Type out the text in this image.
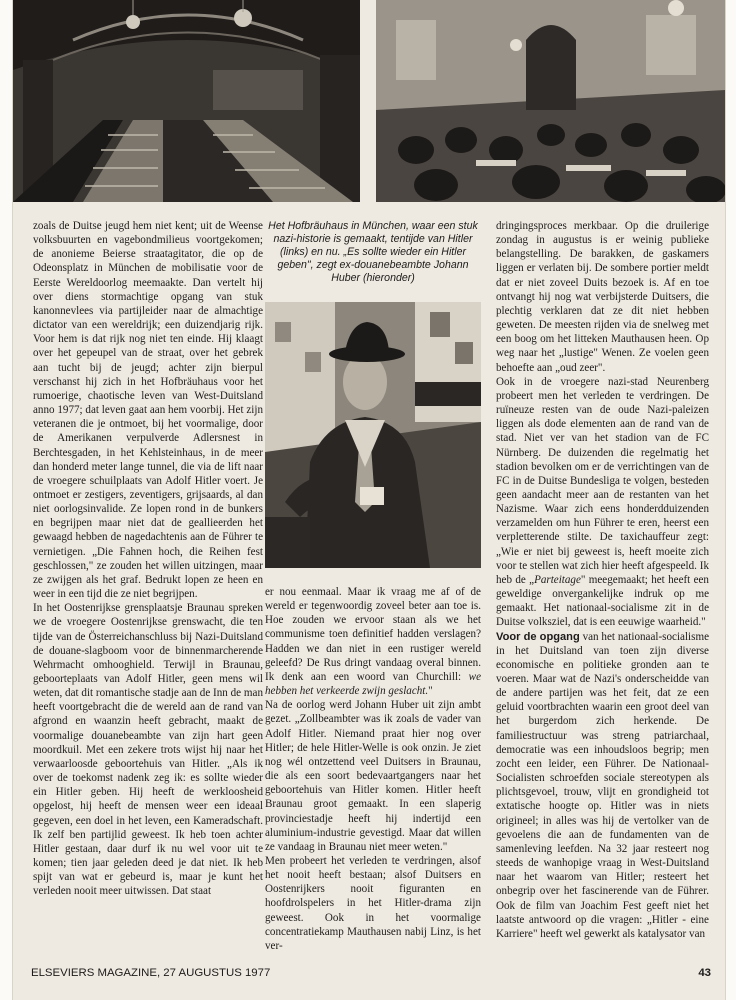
Het Hofbräuhaus in München, waar een stuk nazi-historie is gemaakt, tentijde van Hitler (links) en nu. „Es sollte wieder ein Hitler geben", zegt ex-douanebeambte Johann Huber (hieronder)

zoals de Duitse jeugd hem niet kent; uit de Weense volksbuurten en vagebondmilieus voortgekomen; de anonieme Beierse straatagitator, die op de Odeonsplatz in München de mobilisatie voor de Eerste Wereldoorlog meemaakte. Dan vertelt hij over diens stormachtige opgang van stuk kanonnevlees via partijleider naar de almachtige dictator van een wereldrijk; een duizendjarig rijk. Voor hem is dat rijk nog niet ten einde. Hij klaagt over het gepeupel van de straat, over het gebrek aan tucht bij de jeugd; achter zijn bierpul verschanst hij zich in het Hofbräuhaus voor het rumoerige, chaotische leven van West-Duitsland anno 1977; dat leven gaat aan hem voorbij. Het zijn veteranen die je ontmoet, bij het voormalige, door de Amerikanen verpulverde Adlersnest in Berchtesgaden, in het Kehlsteinhaus, in de meer dan honderd meter lange tunnel, die via de lift naar de vroegere schuilplaats van Adolf Hitler voert. Je ontmoet er zestigers, zeventigers, grijsaards, al dan niet oorlogsinvalide. Ze lopen rond in de bunkers en begrijpen maar niet dat de geallieerden het gewaagd hebben de nagedachtenis aan de Führer te vernietigen. „Die Fahnen hoch, die Reihen fest geschlossen," ze zouden het willen uitzingen, maar ze zwijgen als het graf. Bedrukt lopen ze heen en weer in een tijd die ze niet begrijpen.

In het Oostenrijkse grensplaatsje Braunau spreken we de vroegere Oostenrijkse grenswacht, die ten tijde van de Österreichanschluss bij Nazi-Duitsland de douane-slagboom voor de binnenmarcherende Wehrmacht omhooghield. Terwijl in Braunau, geboorteplaats van Adolf Hitler, geen mens wil weten, dat dit romantische stadje aan de Inn de man heeft voortgebracht die de wereld aan de rand van afgrond en waanzin heeft gebracht, maakt de voormalige douanebeambte van zijn hart geen moordkuil. Met een zekere trots wijst hij naar het verwaarloosde geboortehuis van Hitler. „Als ik over de toekomst nadenk zeg ik: es sollte wieder ein Hitler geben. Hij heeft de werkloosheid opgelost, hij heeft de mensen weer een ideaal gegeven, een doel in het leven, een Kameradschaft. Ik zelf ben partijlid geweest. Ik heb toen achter Hitler gestaan, daar durf ik nu wel voor uit te komen; tien jaar geleden deed je dat niet. Ik heb spijt van wat er gebeurd is, maar je kunt het verleden nooit meer uitwissen. Dat staat

er nou eenmaal. Maar ik vraag me af of de wereld er tegenwoordig zoveel beter aan toe is. Hoe zouden we ervoor staan als we het communisme toen definitief hadden verslagen? Hadden we dan niet in een rustiger wereld geleefd? De Rus dringt vandaag overal binnen. Ik denk aan een woord van Churchill: we hebben het verkeerde zwijn geslacht."

Na de oorlog werd Johann Huber uit zijn ambt gezet. „Zollbeambter was ik zoals de vader van Adolf Hitler. Niemand praat hier nog over Hitler; de hele Hitler-Welle is ook onzin. Je ziet nog wél ontzettend veel Duitsers in Braunau, die als een soort bedevaartgangers naar het geboortehuis van Hitler komen. Hitler heeft Braunau groot gemaakt. In een slaperig provinciestadje heeft hij indertijd een aluminium-industrie gevestigd. Maar dat willen ze vandaag in Braunau niet meer weten."

Men probeert het verleden te verdringen, alsof het nooit heeft bestaan; alsof Duitsers en Oostenrijkers nooit figuranten en hoofdrolspelers in het Hitler-drama zijn geweest. Ook in het voormalige concentratiekamp Mauthausen nabij Linz, is het ver-

dringingsproces merkbaar. Op die druilerige zondag in augustus is er weinig publieke belangstelling. De barakken, de gaskamers liggen er verlaten bij. De sombere portier meldt dat er niet zoveel Duits bezoek is. Af en toe ontvangt hij nog wat verbijsterde Duitsers, die plechtig verklaren dat ze dit niet hebben geweten. De meesten rijden via de snelweg met een boog om het litteken Mauthausen heen. Op weg naar het „lustige" Wenen. Ze voelen geen behoefte aan „oud zeer".

Ook in de vroegere nazi-stad Neurenberg probeert men het verleden te verdringen. De ruïneuze resten van de oude Nazi-paleizen liggen als dode elementen aan de rand van de stad. Niet ver van het stadion van de FC Nürnberg. De duizenden die regelmatig het stadion bevolken om er de verrichtingen van de FC in de Duitse Bundesliga te volgen, besteden geen aandacht meer aan de restanten van het Nazisme. Waar zich eens honderdduizenden verzamelden om hun Führer te eren, heerst een verpletterende stilte. De taxichauffeur zegt: „Wie er niet bij geweest is, heeft moeite zich voor te stellen wat zich hier heeft afgespeeld. Ik heb de „Parteitage" meegemaakt; het heeft een geweldige onvergankelijke indruk op me gemaakt. Het nationaal-socialisme zit in de Duitse volksziel, dat is een eeuwige waarheid."

Voor de opgang van het nationaal-socialisme in het Duitsland van toen zijn diverse economische en politieke gronden aan te voeren. Maar wat de Nazi's onderscheidde van de andere partijen was het feit, dat ze een geluid voortbrachten waarin een groot deel van het burgerdom zich herkende. De familiestructuur was streng patriarchaal, democratie was een inhoudsloos begrip; men zocht een leider, een Führer. De Nationaal-Socialisten schroefden sociale stereotypen als plichtsgevoel, trouw, vlijt en grondigheid tot extatische hoogte op. Hitler was in niets origineel; in alles was hij de vertolker van de gevoelens die aan de fundamenten van de samenleving leefden. Na 32 jaar resteert nog steeds de wanhopige vraag in West-Duitsland naar het waarom van Hitler; resteert het onbegrip over het fascinerende van de Führer. Ook de film van Joachim Fest geeft niet het laatste antwoord op die vragen: „Hitler - eine Karriere" heeft wel gewerkt als katalysator van

ELSEVIERS MAGAZINE, 27 AUGUSTUS 1977	43
